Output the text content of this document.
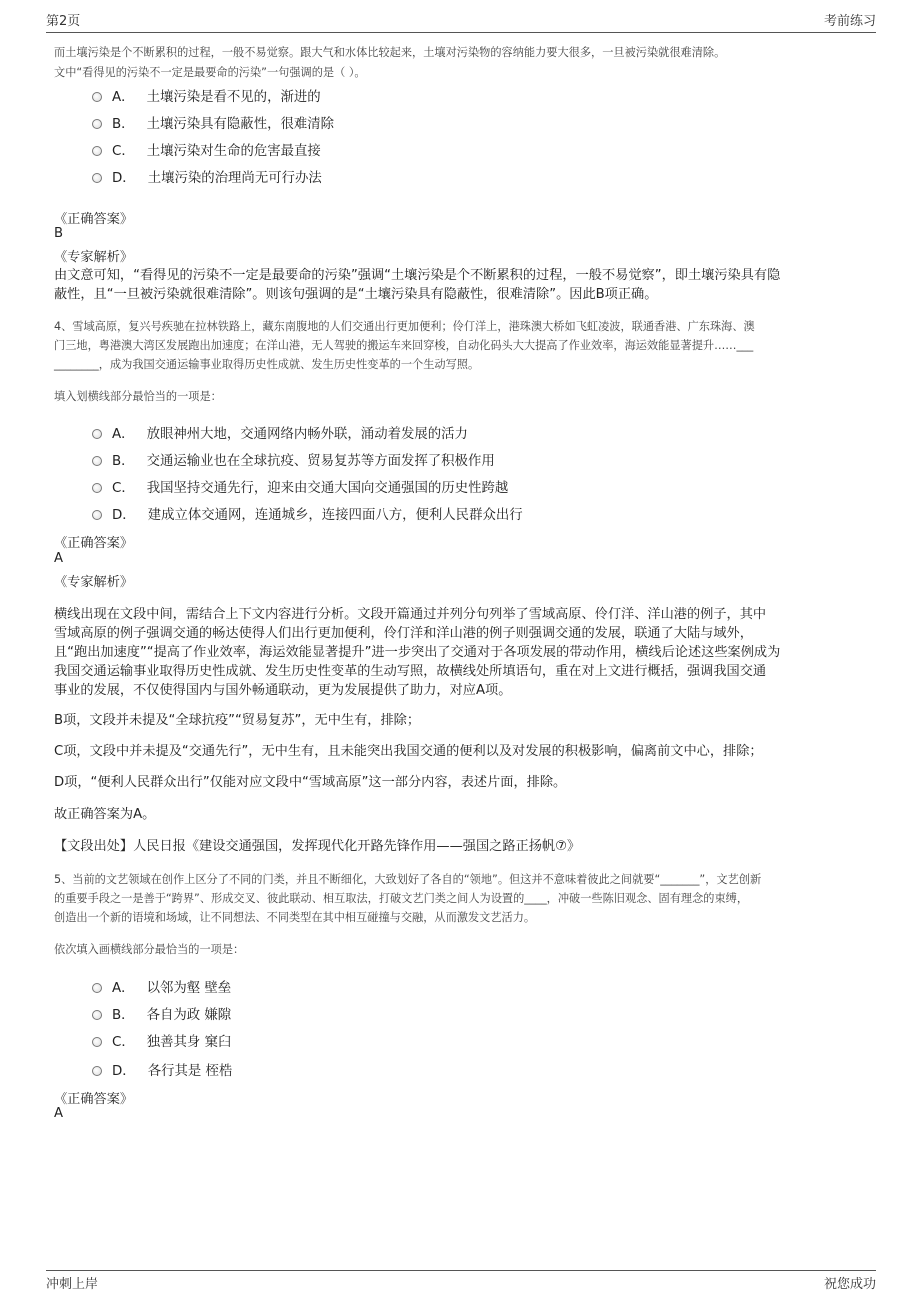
第2页	考前练习
而土壤污染是个不断累积的过程，一般不易觉察。跟大气和水体比较起来，土壤对污染物的容纳能力要大很多，一旦被污染就很难清除。
文中“看得见的污染不一定是最要命的污染”一句强调的是（ ）。
A． 土壤污染是看不见的，渐进的
B． 土壤污染具有隐蔽性，很难清除
C． 土壤污染对生命的危害最直接
D． 土壤污染的治理尚无可行办法
《正确答案》
B
《专家解析》
由文意可知，“看得见的污染不一定是最要命的污染”强调“土壤污染是个不断累积的过程，一般不易觉察”，即土壤污染具有隐
蔽性，且“一旦被污染就很难清除”。则该句强调的是“土壤污染具有隐蔽性，很难清除”。因此B项正确。
4、雪域高原，复兴号疾驰在拉林铁路上，藏东南腹地的人们交通出行更加便利；伶仃洋上，港珠澳大桥如飞虹凌波，联通香港、广东珠海、澳
门三地，粤港澳大湾区发展跑出加速度；在洋山港，无人驾驶的搬运车来回穿梭，自动化码头大大提高了作业效率，海运效能显著提升……___
________，成为我国交通运输事业取得历史性成就、发生历史性变革的一个生动写照。
填入划横线部分最恰当的一项是：
A． 放眼神州大地，交通网络内畅外联，涌动着发展的活力
B． 交通运输业也在全球抗疫、贸易复苏等方面发挥了积极作用
C． 我国坚持交通先行，迎来由交通大国向交通强国的历史性跨越
D． 建成立体交通网，连通城乡，连接四面八方，便利人民群众出行
《正确答案》
A
《专家解析》
横线出现在文段中间，需结合上下文内容进行分析。文段开篇通过并列分句列举了雪域高原、伶仃洋、洋山港的例子，其中
雪域高原的例子强调交通的畅达使得人们出行更加便利，伶仃洋和洋山港的例子则强调交通的发展，联通了大陆与域外，
且“跑出加速度”“提高了作业效率，海运效能显著提升”进一步突出了交通对于各项发展的带动作用，横线后论述这些案例成为
我国交通运输事业取得历史性成就、发生历史性变革的生动写照，故横线处所填语句，重在对上文进行概括，强调我国交通
事业的发展，不仅使得国内与国外畅通联动，更为发展提供了助力，对应A项。
B项，文段并未提及“全球抗疫”“贸易复苏”，无中生有，排除；
C项，文段中并未提及“交通先行”，无中生有，且未能突出我国交通的便利以及对发展的积极影响，偏离前文中心，排除；
D项，“便利人民群众出行”仅能对应文段中“雪域高原”这一部分内容，表述片面，排除。
故正确答案为A。
【文段出处】人民日报《建设交通强国，发挥现代化开路先锋作用——强国之路正扬帆⑦》
5、当前的文艺领域在创作上区分了不同的门类，并且不断细化，大致划好了各自的“领地”。但这并不意味着彼此之间就要“_______”，文艺创新
的重要手段之一是善于“跨界”、形成交叉、彼此联动、相互取法，打破文艺门类之间人为设置的____，冲破一些陈旧观念、固有理念的束缚，
创造出一个新的语境和场域，让不同想法、不同类型在其中相互碰撞与交融，从而激发文艺活力。
依次填入画横线部分最恰当的一项是：
A． 以邻为壑 壁垒
B． 各自为政 嫌隙
C． 独善其身 窠臼
D． 各行其是 桎梏
《正确答案》
A
冲刺上岸	祝您成功
